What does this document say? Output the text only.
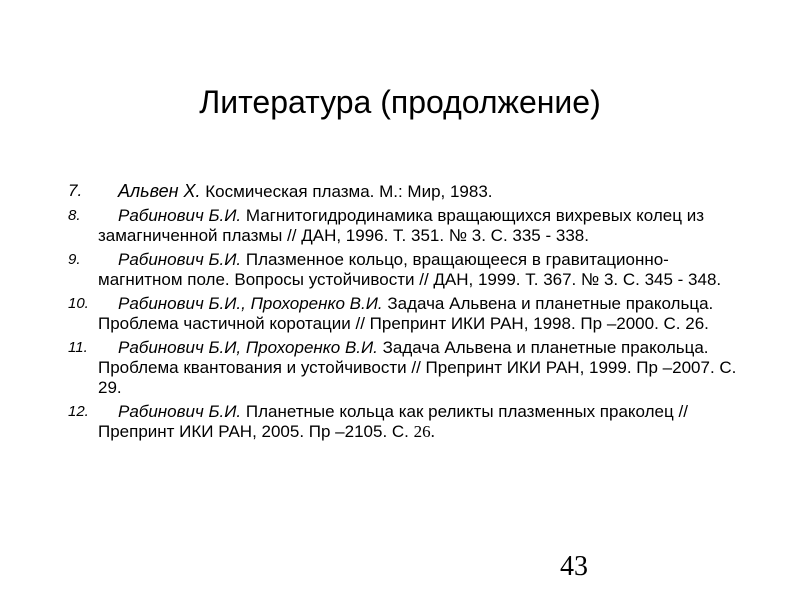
Литература (продолжение)
7. Альвен Х. Космическая плазма. М.: Мир, 1983.
8. Рабинович Б.И. Магнитогидродинамика вращающихся вихревых колец из замагниченной плазмы // ДАН, 1996. Т. 351. № 3. С. 335 - 338.
9. Рабинович Б.И. Плазменное кольцо, вращающееся в гравитационно-магнитном поле. Вопросы устойчивости // ДАН, 1999. Т. 367. № 3. С. 345 - 348.
10. Рабинович Б.И., Прохоренко В.И. Задача Альвена и планетные пракольца. Проблема частичной коротации // Препринт ИКИ РАН, 1998. Пр –2000. С. 26.
11. Рабинович Б.И, Прохоренко В.И. Задача Альвена и планетные пракольца. Проблема квантования и устойчивости // Препринт ИКИ РАН, 1999. Пр –2007. С. 29.
12. Рабинович Б.И. Планетные кольца как реликты плазменных праколец // Препринт ИКИ РАН, 2005. Пр –2105. С. 26.
43
